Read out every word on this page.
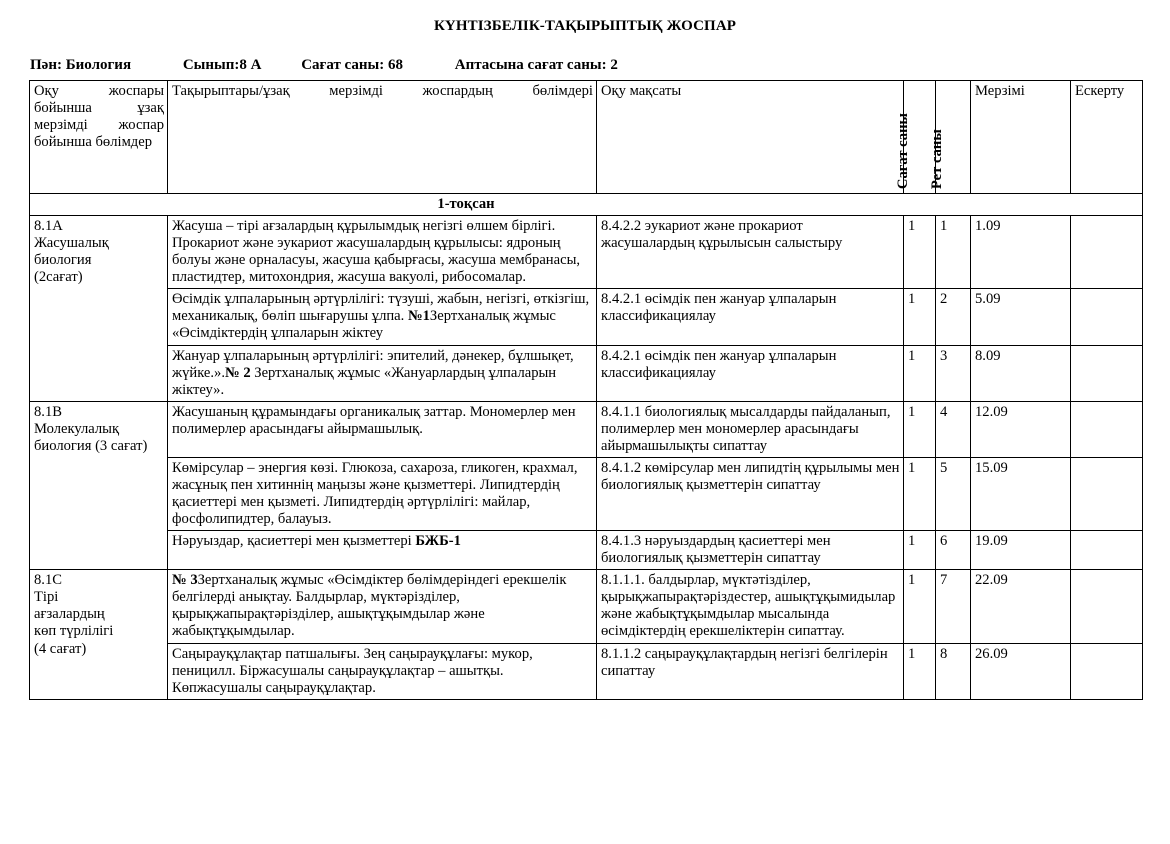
КҮНТІЗБЕЛІК-ТАҚЫРЫПТЫҚ ЖОСПАР
Пән: Биология	Сынып:8 А	Сағат саны: 68	Аптасына сағат саны: 2
Оқу жоспары бойынша ұзақ мерзімді жоспар бойынша бөлімдер	Тақырыптары/ұзақ мерзімді жоспардың бөлімдері	Оқу мақсаты	Сағат саны	Рет саны	Мерзімі	Ескерту
1-тоқсан						
8.1А
Жасушалық
биология
(2сағат)	Жасуша – тірі ағзалардың құрылымдық негізгі өлшем бірлігі. Прокариот және эукариот жасушалардың құрылысы: ядроның болуы және орналасуы, жасуша қабырғасы, жасуша мембранасы, пластидтер, митохондрия, жасуша вакуолі, рибосомалар.	8.4.2.2 эукариот және прокариот жасушалардың құрылысын салыстыру	1	1	1.09	
	Өсімдік ұлпаларының әртүрлілігі: түзуші, жабын, негізгі, өткізгіш, механикалық, бөліп шығарушы ұлпа. №1Зертханалық жұмыс «Өсімдіктердің ұлпаларын жіктеу	8.4.2.1 өсімдік пен жануар ұлпаларын классификациялау	1	2	5.09	
	Жануар ұлпаларының әртүрлілігі: эпителий, дәнекер, бұлшықет, жүйке.».№ 2 Зертханалық жұмыс «Жануарлардың ұлпаларын жіктеу».	8.4.2.1 өсімдік пен жануар ұлпаларын классификациялау	1	3	8.09	
8.1В
Молекулалық биология (3 сағат)	Жасушаның құрамындағы органикалық заттар. Мономерлер мен полимерлер арасындағы айырмашылық.	8.4.1.1 биологиялық мысалдарды пайдаланып, полимерлер мен мономерлер арасындағы айырмашылықты сипаттау	1	4	12.09	
	Көмірсулар – энергия көзі. Глюкоза, сахароза, гликоген, крахмал, жасұнық пен хитиннің маңызы және қызметтері. Липидтердің қасиеттері мен қызметі. Липидтердің әртүрлілігі: майлар, фосфолипидтер, балауыз.	8.4.1.2 көмірсулар мен липидтің құрылымы мен биологиялық қызметтерін сипаттау	1	5	15.09	
	Нәруыздар, қасиеттері мен қызметтері БЖБ-1	8.4.1.3 нәруыздардың қасиеттері мен биологиялық қызметтерін сипаттау	1	6	19.09	
8.1С
Тірі
ағзалардың
көп түрлілігі
(4 сағат)	№ 3Зертханалық жұмыс «Өсімдіктер бөлімдеріндегі ерекшелік белгілерді анықтау. Балдырлар, мүктәрізділер, қырықжапырақтәрізділер, ашықтұқымдылар және жабықтұқымдылар.	8.1.1.1. балдырлар, мүктәтізділер, қырықжапырақтәріздестер, ашықтұқымидылар және жабықтұқымдылар мысалында өсімдіктердің ерекшеліктерін сипаттау.	1	7	22.09	
	Саңырауқұлақтар патшалығы. Зең саңырауқұлағы: мукор, пеницилл. Біржасушалы саңырауқұлақтар – ашытқы. Көпжасушалы саңырауқұлақтар.	8.1.1.2 саңырауқұлақтардың негізгі белгілерін сипаттау	1	8	26.09	
